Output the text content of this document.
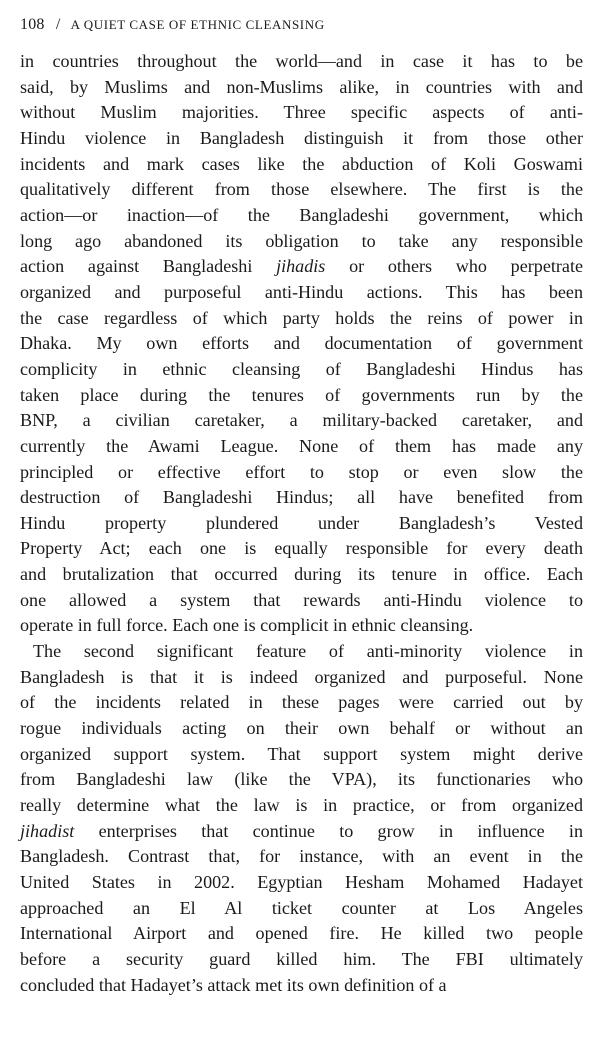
108 / A QUIET CASE OF ETHNIC CLEANSING
in countries throughout the world—and in case it has to be
said, by Muslims and non-Muslims alike, in countries with and
without Muslim majorities. Three specific aspects of anti-
Hindu violence in Bangladesh distinguish it from those other
incidents and mark cases like the abduction of Koli Goswami
qualitatively different from those elsewhere. The first is the
action—or inaction—of the Bangladeshi government, which
long ago abandoned its obligation to take any responsible
action against Bangladeshi jihadis or others who perpetrate
organized and purposeful anti-Hindu actions. This has been
the case regardless of which party holds the reins of power in
Dhaka. My own efforts and documentation of government
complicity in ethnic cleansing of Bangladeshi Hindus has
taken place during the tenures of governments run by the
BNP, a civilian caretaker, a military-backed caretaker, and
currently the Awami League. None of them has made any
principled or effective effort to stop or even slow the
destruction of Bangladeshi Hindus; all have benefited from
Hindu property plundered under Bangladesh’s Vested
Property Act; each one is equally responsible for every death
and brutalization that occurred during its tenure in office. Each
one allowed a system that rewards anti-Hindu violence to
operate in full force. Each one is complicit in ethnic cleansing.
The second significant feature of anti-minority violence in
Bangladesh is that it is indeed organized and purposeful. None
of the incidents related in these pages were carried out by
rogue individuals acting on their own behalf or without an
organized support system. That support system might derive
from Bangladeshi law (like the VPA), its functionaries who
really determine what the law is in practice, or from organized
jihadist enterprises that continue to grow in influence in
Bangladesh. Contrast that, for instance, with an event in the
United States in 2002. Egyptian Hesham Mohamed Hadayet
approached an El Al ticket counter at Los Angeles
International Airport and opened fire. He killed two people
before a security guard killed him. The FBI ultimately
concluded that Hadayet’s attack met its own definition of a
